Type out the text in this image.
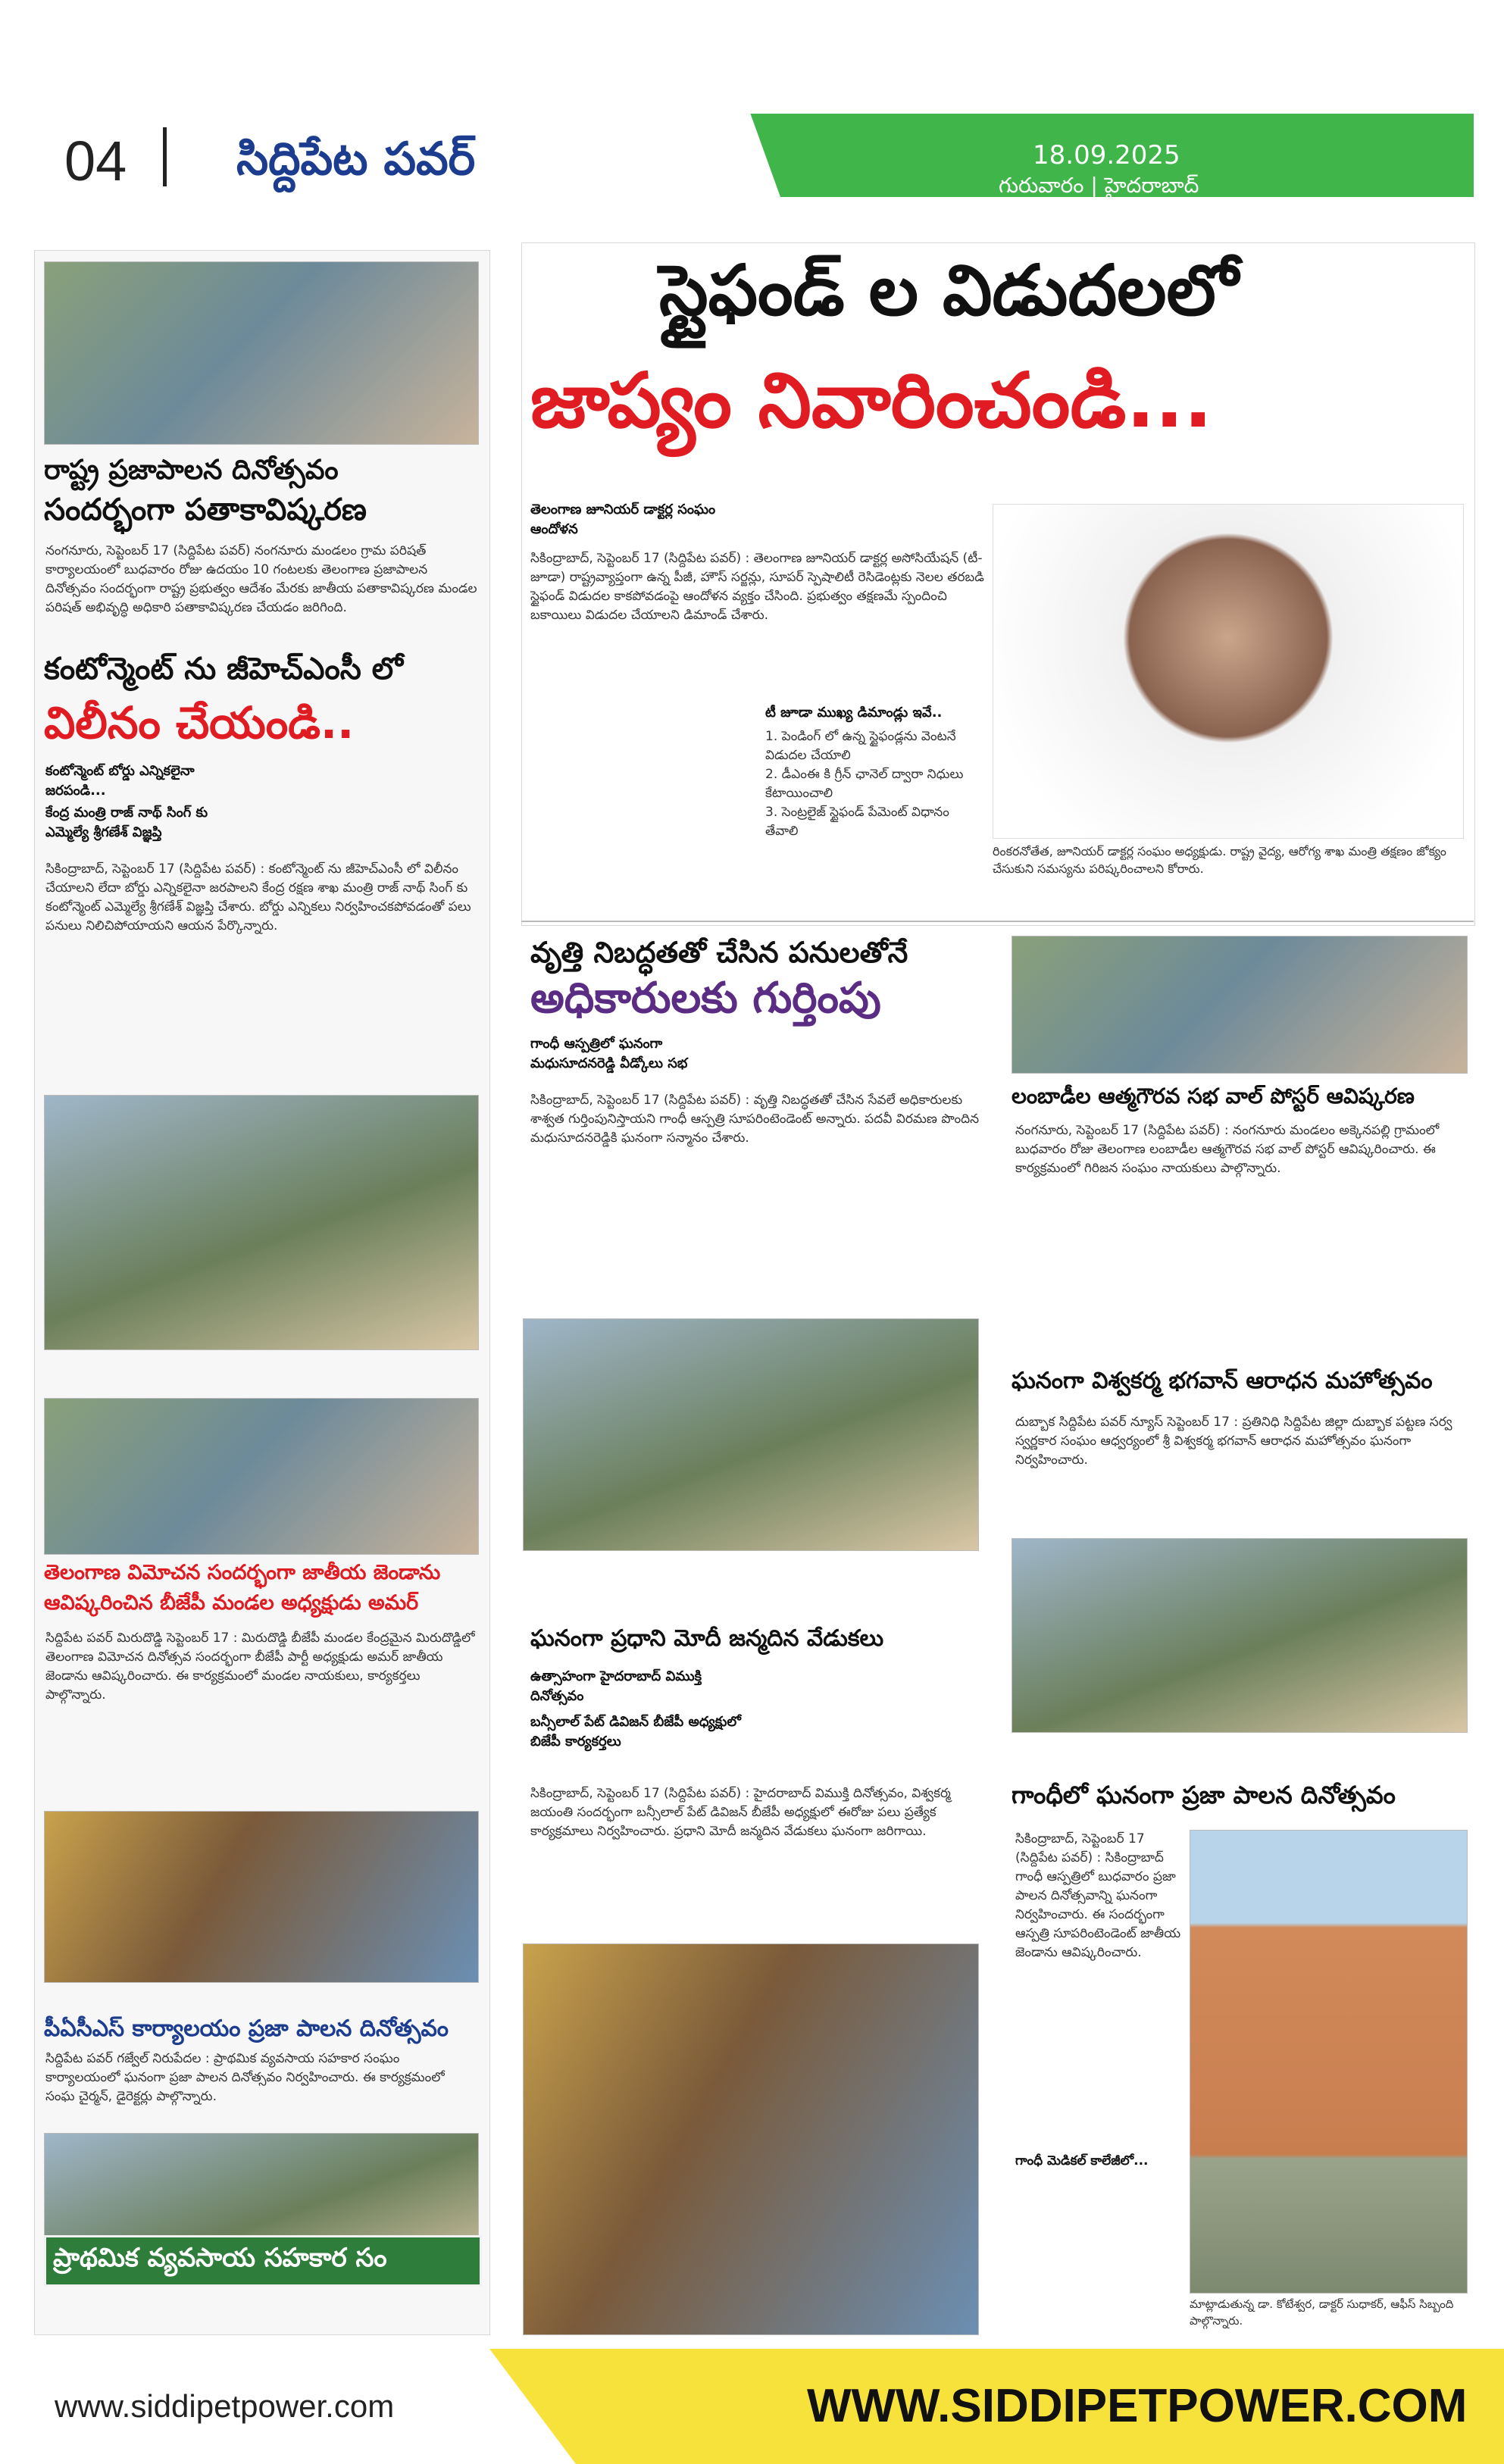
04 సిద్దిపేట పవర్	18.09.2025
గురువారం | హైదరాబాద్
రాష్ట్ర ప్రజాపాలన దినోత్సవం
సందర్భంగా పతాకావిష్కరణ
నంగనూరు, సెప్టెంబర్ 17 (సిద్దిపేట పవర్) నంగనూరు మండలం గ్రామ పరిషత్ కార్యాలయంలో బుధవారం రోజు ఉదయం 10 గంటలకు తెలంగాణ ప్రజాపాలన దినోత్సవం సందర్భంగా రాష్ట్ర ప్రభుత్వం ఆదేశం మేరకు జాతీయ పతాకావిష్కరణ మండల పరిషత్ అభివృద్ధి అధికారి పతాకావిష్కరణ చేయడం జరిగింది.
కంటోన్మెంట్ ను జీహెచ్ఎంసీ లో
విలీనం చేయండి..
కంటోన్మెంట్ బోర్డు ఎన్నికలైనా జరపండి...
కేంద్ర మంత్రి రాజ్ నాథ్ సింగ్ కు ఎమ్మెల్యే శ్రీగణేశ్ విజ్ఞప్తి
సికింద్రాబాద్, సెప్టెంబర్ 17 (సిద్దిపేట పవర్) : కంటోన్మెంట్ ను జీహెచ్ఎంసీ లో విలీనం చేయాలని లేదా బోర్డు ఎన్నికలైనా జరపాలని కేంద్ర రక్షణ శాఖ మంత్రి రాజ్ నాథ్ సింగ్ కు కంటోన్మెంట్ ఎమ్మెల్యే శ్రీగణేశ్ విజ్ఞప్తి చేశారు. బోర్డు ఎన్నికలు నిర్వహించకపోవడంతో పలు పనులు నిలిచిపోయాయని ఆయన పేర్కొన్నారు.
తెలంగాణ విమోచన సందర్భంగా జాతీయ జెండాను
ఆవిష్కరించిన బీజేపీ మండల అధ్యక్షుడు అమర్
సిద్దిపేట పవర్ మిరుదొడ్డి సెప్టెంబర్ 17 : మిరుదొడ్డి బీజేపీ మండల కేంద్రమైన మిరుదొడ్డిలో తెలంగాణ విమోచన దినోత్సవ సందర్భంగా బీజేపీ పార్టీ అధ్యక్షుడు అమర్ జాతీయ జెండాను ఆవిష్కరించారు. ఈ కార్యక్రమంలో మండల నాయకులు, కార్యకర్తలు పాల్గొన్నారు.
పీఏసీఎస్ కార్యాలయం ప్రజా పాలన దినోత్సవం
సిద్దిపేట పవర్ గజ్వేల్ నిరుపేదల : ప్రాథమిక వ్యవసాయ సహకార సంఘం కార్యాలయంలో ఘనంగా ప్రజా పాలన దినోత్సవం నిర్వహించారు. ఈ కార్యక్రమంలో సంఘ చైర్మన్, డైరెక్టర్లు పాల్గొన్నారు.
ప్రాథమిక వ్యవసాయ సహకార సం
స్టైఫండ్ ల విడుదలలో
జాప్యం నివారించండి...
తెలంగాణ జూనియర్ డాక్టర్ల సంఘం ఆందోళన
సికింద్రాబాద్, సెప్టెంబర్ 17 (సిద్దిపేట పవర్) : తెలంగాణ జూనియర్ డాక్టర్ల అసోసియేషన్ (టీ-జూడా) రాష్ట్రవ్యాప్తంగా ఉన్న పీజీ, హౌస్ సర్జన్లు, సూపర్ స్పెషాలిటీ రెసిడెంట్లకు నెలల తరబడి స్టైఫండ్ విడుదల కాకపోవడంపై ఆందోళన వ్యక్తం చేసింది. ప్రభుత్వం తక్షణమే స్పందించి బకాయిలు విడుదల చేయాలని డిమాండ్ చేశారు.
టీ జూడా ముఖ్య డిమాండ్లు ఇవే..
1. పెండింగ్ లో ఉన్న స్టైఫండ్లను వెంటనే విడుదల చేయాలి
2. డీఎంఈ కి గ్రీన్ ఛానెల్ ద్వారా నిధులు కేటాయించాలి
3. సెంట్రలైజ్ స్టైఫండ్ పేమెంట్ విధానం తేవాలి
రింకరనోతేత, జూనియర్ డాక్టర్ల సంఘం అధ్యక్షుడు. రాష్ట్ర వైద్య, ఆరోగ్య శాఖ మంత్రి తక్షణం జోక్యం చేసుకుని సమస్యను పరిష్కరించాలని కోరారు.
వృత్తి నిబద్ధతతో చేసిన పనులతోనే
అధికారులకు గుర్తింపు
గాంధీ ఆస్పత్రిలో ఘనంగా మధుసూదనరెడ్డి వీడ్కోలు సభ
సికింద్రాబాద్, సెప్టెంబర్ 17 (సిద్దిపేట పవర్) : వృత్తి నిబద్ధతతో చేసిన సేవలే అధికారులకు శాశ్వత గుర్తింపునిస్తాయని గాంధీ ఆస్పత్రి సూపరింటెండెంట్ అన్నారు. పదవీ విరమణ పొందిన మధుసూదనరెడ్డికి ఘనంగా సన్మానం చేశారు.
ఘనంగా ప్రధాని మోదీ జన్మదిన వేడుకలు
ఉత్సాహంగా హైదరాబాద్ విముక్తి దినోత్సవం
బన్సీలాల్ పేట్ డివిజన్ బీజేపీ అధ్యక్షులో బిజేపీ కార్యకర్తలు
సికింద్రాబాద్, సెప్టెంబర్ 17 (సిద్దిపేట పవర్) : హైదరాబాద్ విముక్తి దినోత్సవం, విశ్వకర్మ జయంతి సందర్భంగా బన్సీలాల్ పేట్ డివిజన్ బీజేపీ అధ్యక్షులో ఈరోజు పలు ప్రత్యేక కార్యక్రమాలు నిర్వహించారు. ప్రధాని మోదీ జన్మదిన వేడుకలు ఘనంగా జరిగాయి.
లంబాడీల ఆత్మగౌరవ సభ వాల్ పోస్టర్ ఆవిష్కరణ
నంగనూరు, సెప్టెంబర్ 17 (సిద్దిపేట పవర్) : నంగనూరు మండలం అక్కెనపల్లి గ్రామంలో బుధవారం రోజు తెలంగాణ లంబాడీల ఆత్మగౌరవ సభ వాల్ పోస్టర్ ఆవిష్కరించారు. ఈ కార్యక్రమంలో గిరిజన సంఘం నాయకులు పాల్గొన్నారు.
ఘనంగా విశ్వకర్మ భగవాన్ ఆరాధన మహోత్సవం
దుబ్బాక సిద్దిపేట పవర్ న్యూస్ సెప్టెంబర్ 17 : ప్రతినిధి సిద్దిపేట జిల్లా దుబ్బాక పట్టణ సర్వ స్వర్ణకార సంఘం ఆధ్వర్యంలో శ్రీ విశ్వకర్మ భగవాన్ ఆరాధన మహోత్సవం ఘనంగా నిర్వహించారు.
గాంధీలో ఘనంగా ప్రజా పాలన దినోత్సవం
సికింద్రాబాద్, సెప్టెంబర్ 17 (సిద్దిపేట పవర్) : సికింద్రాబాద్ గాంధీ ఆస్పత్రిలో బుధవారం ప్రజా పాలన దినోత్సవాన్ని ఘనంగా నిర్వహించారు. ఈ సందర్భంగా ఆస్పత్రి సూపరింటెండెంట్ జాతీయ జెండాను ఆవిష్కరించారు.
గాంధీ మెడికల్ కాలేజీలో...
మాట్లాడుతున్న డా. కోటేశ్వర, డాక్టర్ సుధాకర్, ఆఫీస్ సిబ్బంది పాల్గొన్నారు.
www.siddipetpower.com	WWW.SIDDIPETPOWER.COM
